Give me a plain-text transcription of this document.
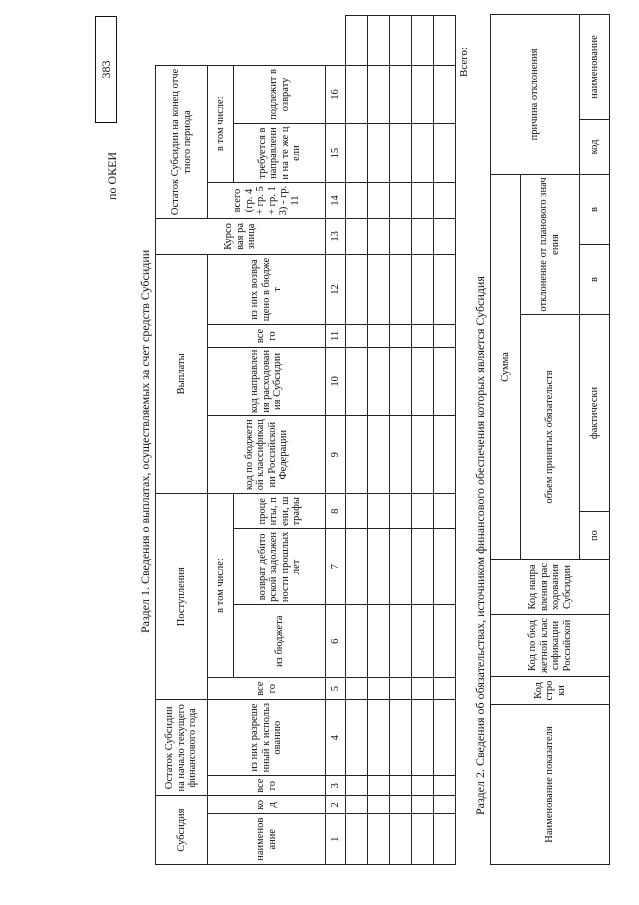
по ОКЕИ
383
Раздел 1. Сведения о выплатах, осуществляемых за счет средств Субсидии
Субсидия		Остаток Субсидии на начало текущего финансового года		Поступления				Выплаты				Курсовая разница	Остаток Субсидии на конец отчетного периода			
наименование	код	всего	из них разрешенный к использованию	всего	в том числе:			код по бюджетной классификации Российской Федерации	код направления расходования Субсидии	всего	из них возвращено в бюджет		всего (гр. 4 + гр. 5 + гр. 13) - гр. 11	в том числе:		
					из бюджета	возврат дебиторской задолженности прошлых лет	проценты, пени, штрафы							требуется в направлении на те же цели	подлежит возврату	
1	2	3	4	5	6	7	8	9	10	11	12	13	14	15	16	

Всего:
Раздел 2. Сведения об обязательствах, источником финансового обеспечения которых является Субсидия	Наименование показателя	Код строки	Код по бюджетной классификации Российской	Код направления расходования Субсидии	Сумма				причина отклонения	
				объем принятых обязательств		отклонение от планового значения			
				по	фактически	в	в	код	наименование
